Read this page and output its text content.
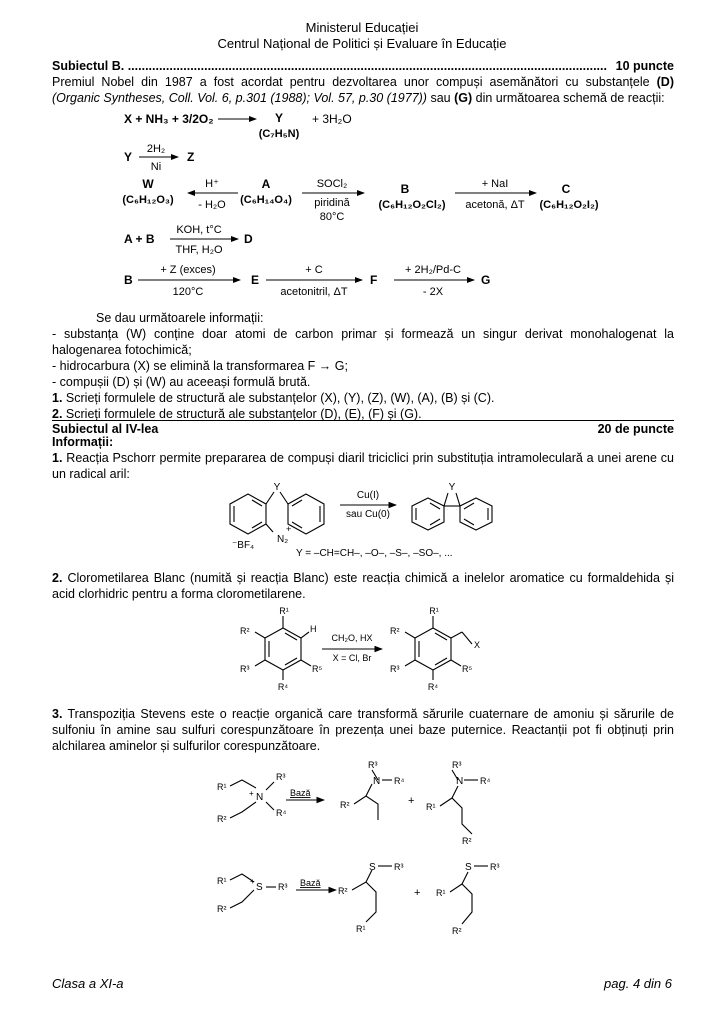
Ministerul Educației
Centrul Național de Politici și Evaluare în Educație
Subiectul B. .......................................................................................................................................... 10 puncte
Premiul Nobel din 1987 a fost acordat pentru dezvoltarea unor compuși asemănători cu substanțele (D) (Organic Syntheses, Coll. Vol. 6, p.301 (1988); Vol. 57, p.30 (1977)) sau (G) din următoarea schemă de reacții:
X + NH₃ + 3/2O₂	Y
(C₇H₅N)
+ 3H₂O
Y
2H₂
Ni
Z
W
(C₆H₁₂O₃)
H⁺
- H₂O
A
(C₆H₁₄O₄)
SOCl₂
piridină
80°C
B
(C₆H₁₂O₂Cl₂)
+ NaI
acetonă, ΔT
C
(C₆H₁₂O₂I₂)
A + B
KOH, t°C
THF, H₂O
D
B
+ Z (exces)
120°C
E
+ C
acetonitril, ΔT
F
+ 2H₂/Pd-C
- 2X
G
Se dau următoarele informații:
- substanța (W) conține doar atomi de carbon primar și formează un singur derivat monohalogenat la halogenarea fotochimică;
- hidrocarbura (X) se elimină la transformarea F → G;
- compușii (D) și (W) au aceeași formulă brută.
1. Scrieți formulele de structură ale substanțelor (X), (Y), (Z), (W), (A), (B) și (C).
2. Scrieți formulele de structură ale substanțelor (D), (E), (F) și (G).
Subiectul al IV-lea	20 de puncte
Informații:
1. Reacția Pschorr permite prepararea de compuși diaril triciclici prin substituția intramoleculară a unei arene cu un radical aril:
Y
N₂
+
⁻BF₄
Cu(I)
sau Cu(0)
Y
Y = –CH=CH–, –O–, –S–, –SO–, ...
2. Clorometilarea Blanc (numită și reacția Blanc) este reacția chimică a inelelor aromatice cu formaldehida și acid clorhidric pentru a forma clorometilarene.
R¹
R²
R³
R⁴
R⁵
H
CH₂O, HX
X = Cl, Br
R¹
R²
R³
R⁴
R⁵
X
3. Transpoziția Stevens este o reacție organică care transformă sărurile cuaternare de amoniu și sărurile de sulfoniu în amine sau sulfuri corespunzătoare în prezența unei baze puternice. Reactanții pot fi obținuți prin alchilarea aminelor și sulfurilor corespunzătoare.
R¹
R²
N
+
R³
R⁴
Bază
R²
R³
N R⁴
+ R¹
R³
N R⁴
R²
R¹
R²
S
+
R³ Bază
R²
S R³
R¹
+ R¹
S R³
R²
Clasa a XI-a	pag. 4 din 6
